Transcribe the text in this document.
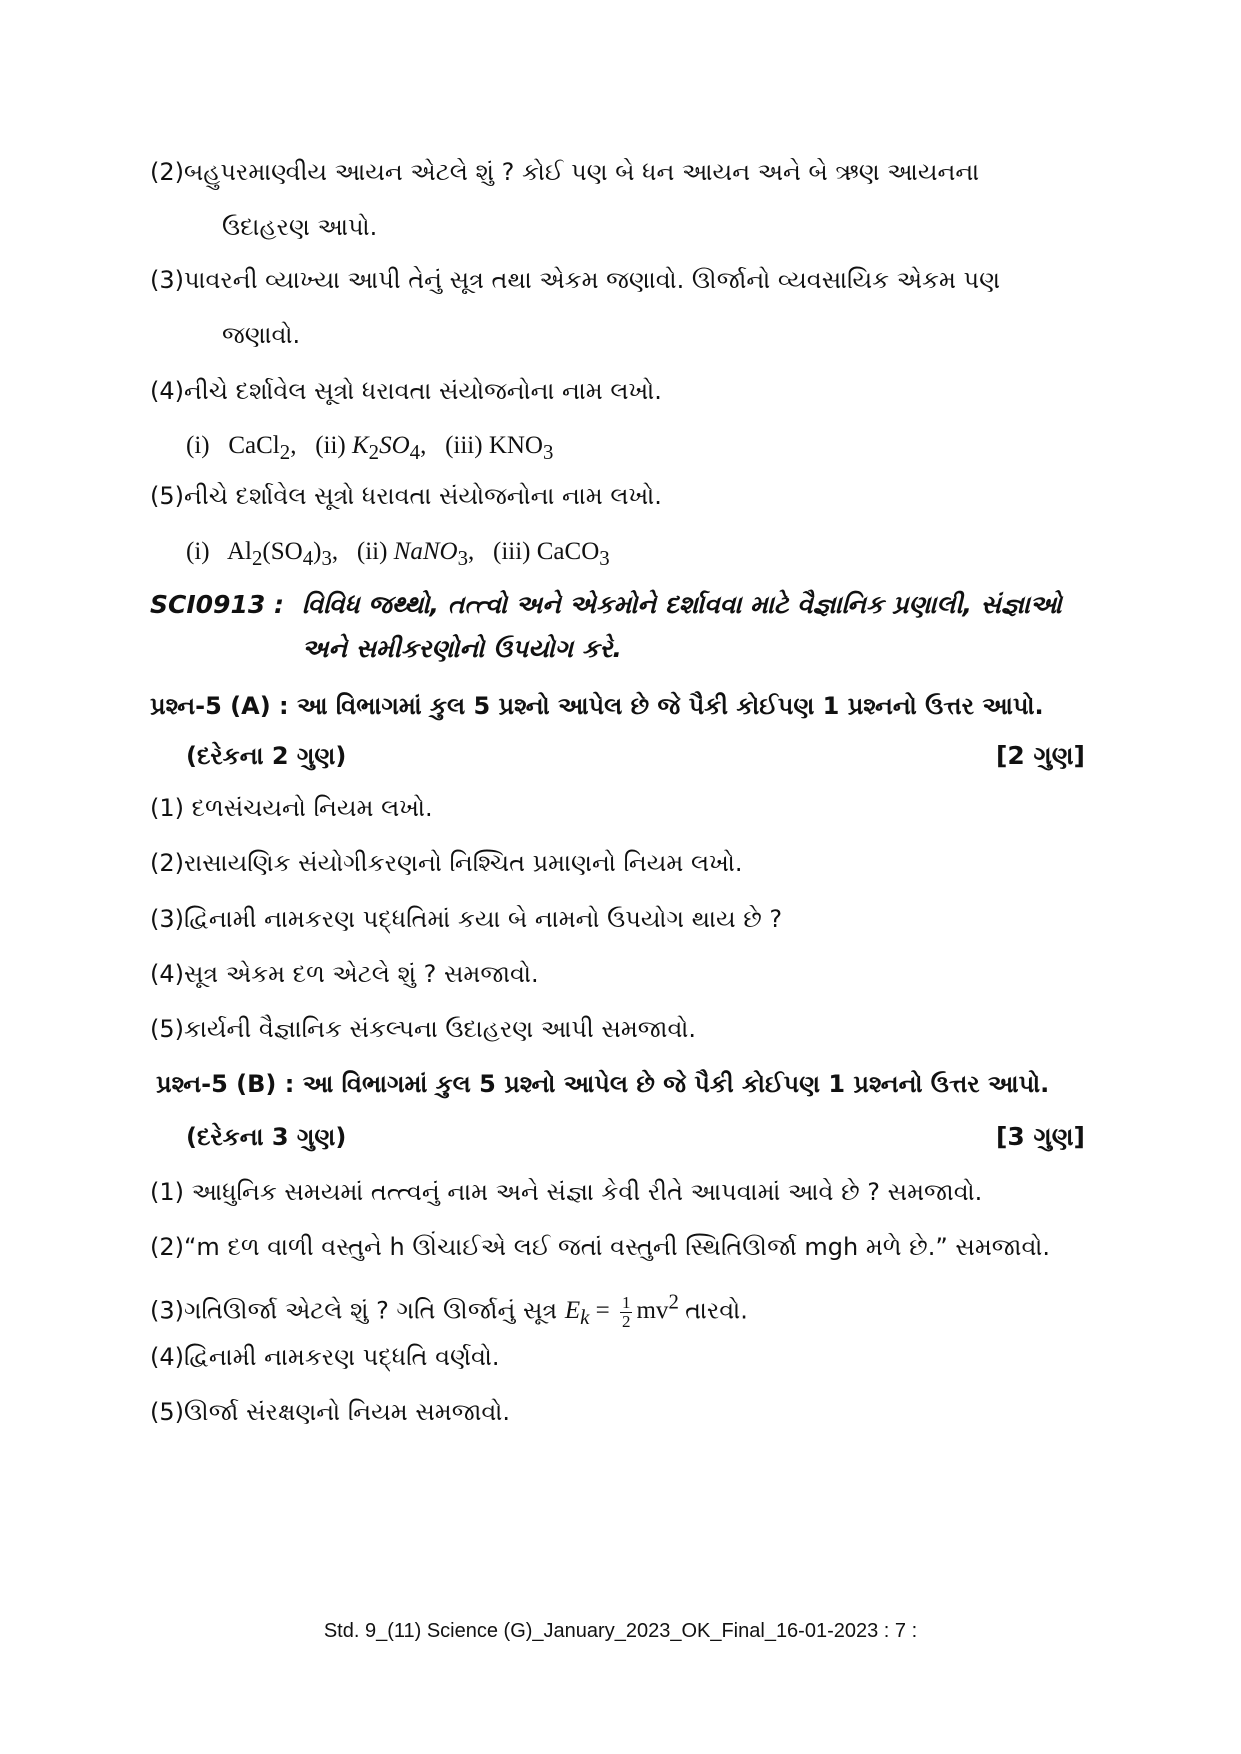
(2)બહુપરમાણ્વીય આયન એટલે શું ? કોઈ પણ બે ધન આયન અને બે ઋણ આયનના
ઉદાહરણ આપો.
(3)પાવરની વ્યાખ્યા આપી તેનું સૂત્ર તથા એકમ જણાવો. ઊર્જાનો વ્યવસાયિક એકમ પણ
જણાવો.
(4)નીચે દર્શાવેલ સૂત્રો ધરાવતા સંયોજનોના નામ લખો.
(i)   CaCl$_2$,   (ii) $K_2SO_4$,   (iii) $KNO_3$
(5)નીચે દર્શાવેલ સૂત્રો ધરાવતા સંયોજનોના નામ લખો.
(i)   $Al_2(SO_4)_3$,   (ii) NaNO$_3$,   (iii) CaCO$_3$
SCI0913 : વિવિધ જથ્થો, તત્ત્વો અને એકમોને દર્શાવવા માટે વૈજ્ઞાનિક પ્રણાલી, સંજ્ઞાઓ
અને સમીકરણોનો ઉપયોગ કરે.
પ્રશ્ન-5 (A) : આ વિભાગમાં કુલ 5 પ્રશ્નો આપેલ છે જે પૈકી કોઈપણ 1 પ્રશ્નનો ઉત્તર આપો.
(દરેકના 2 ગુણ)	[2 ગુણ]
(1) દળસંચયનો નિયમ લખો.
(2)રાસાયણિક સંયોગીકરણનો નિશ્ચિત પ્રમાણનો નિયમ લખો.
(3)દ્વિનામી નામકરણ પદ્ધતિમાં કયા બે નામનો ઉપયોગ થાય છે ?
(4)સૂત્ર એકમ દળ એટલે શું ? સમજાવો.
(5)કાર્યની વૈજ્ઞાનિક સંકલ્પના ઉદાહરણ આપી સમજાવો.
પ્રશ્ન-5 (B) : આ વિભાગમાં કુલ 5 પ્રશ્નો આપેલ છે જે પૈકી કોઈપણ 1 પ્રશ્નનો ઉત્તર આપો.
(દરેકના 3 ગુણ)	[3 ગુણ]
(1) આધુનિક સમયમાં તત્ત્વનું નામ અને સંજ્ઞા કેવી રીતે આપવામાં આવે છે ? સમજાવો.
(2)“m દળ વાળી વસ્તુને h ઊંચાઈએ લઈ જતાં વસ્તુની સ્થિતિઊર્જા mgh મળે છે.” સમજાવો.
(3)ગતિઊર્જા એટલે શું ? ગતિ ઊર્જાનું સૂત્ર $E_k = \frac{1}{2} mv^2$ તારવો.
(4)દ્વિનામી નામકરણ પદ્ધતિ વર્ણવો.
(5)ઊર્જા સંરક્ષણનો નિયમ સમજાવો.
Std. 9_(11) Science (G)_January_2023_OK_Final_16-01-2023 : 7 :
